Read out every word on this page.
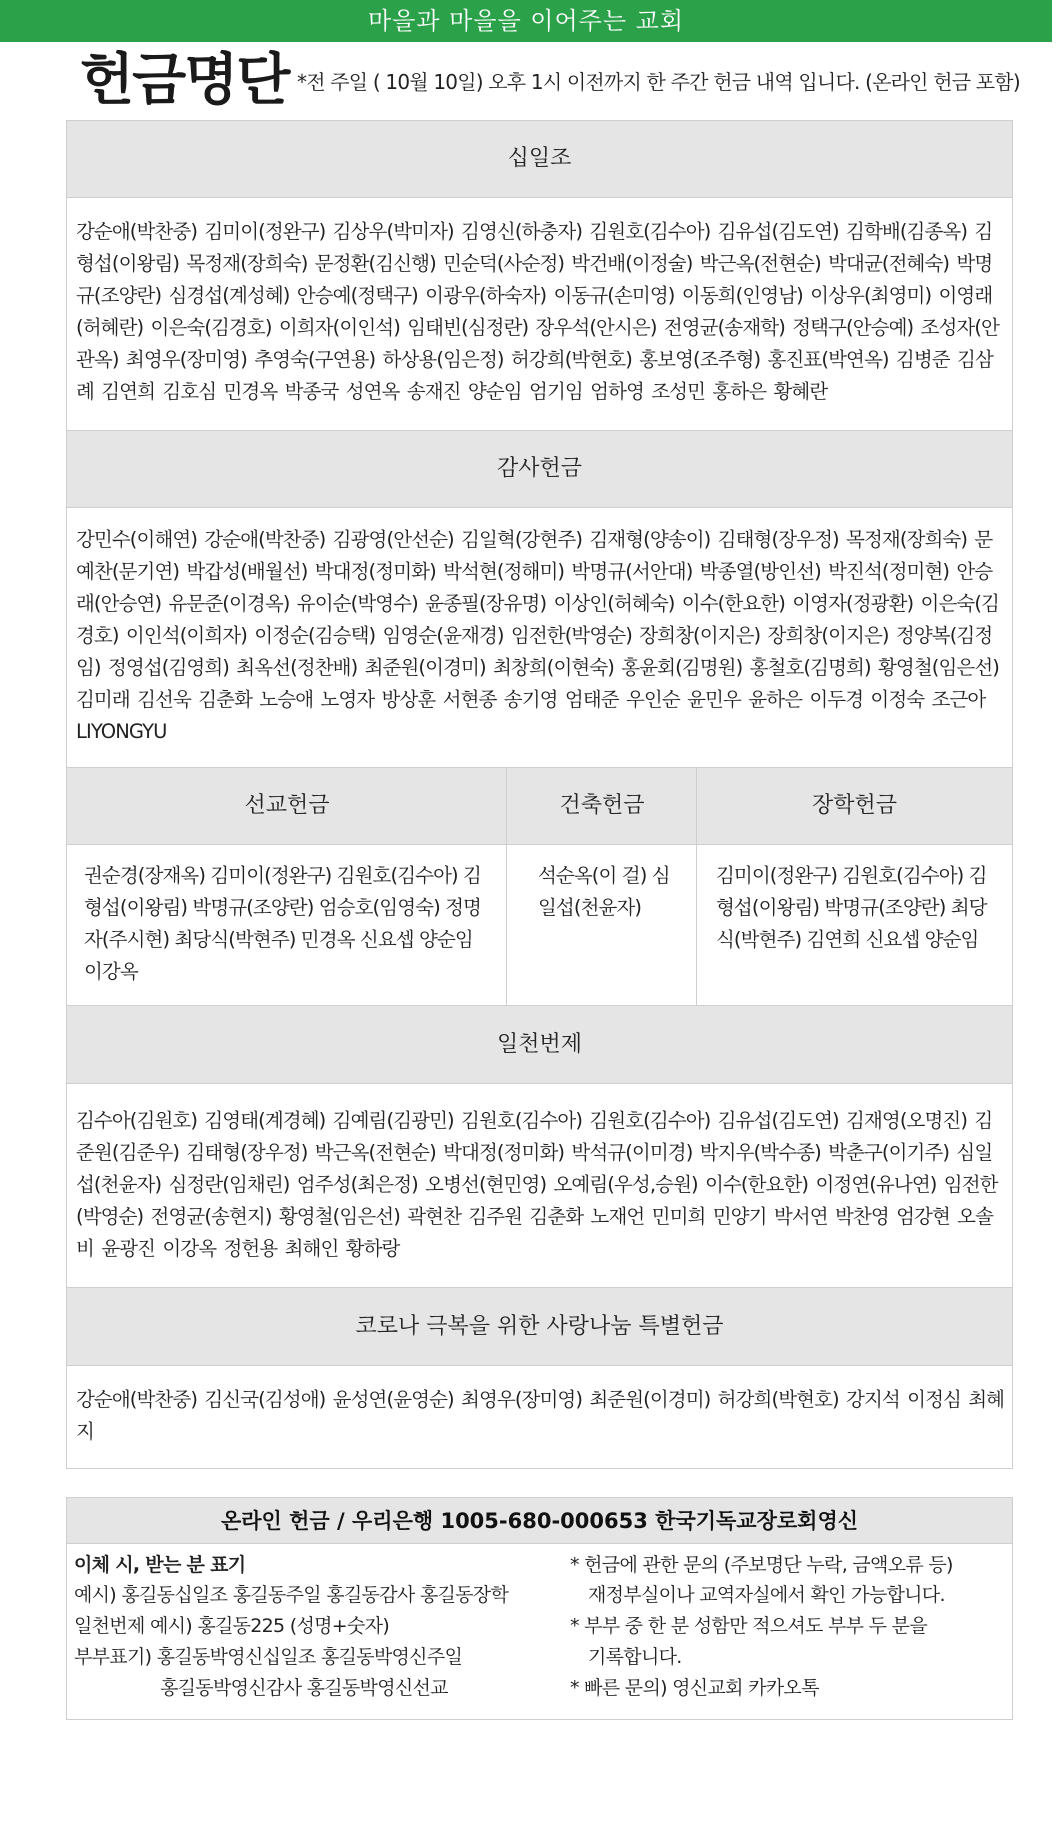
마을과 마을을 이어주는 교회
헌금명단 *전 주일 ( 10월 10일) 오후 1시 이전까지 한 주간 헌금 내역 입니다. (온라인 헌금 포함)
십일조
강순애(박찬중) 김미이(정완구) 김상우(박미자) 김영신(하충자) 김원호(김수아) 김유섭(김도연) 김학배(김종옥) 김형섭(이왕림) 목정재(장희숙) 문정환(김신행) 민순덕(사순정) 박건배(이정술) 박근옥(전현순) 박대균(전혜숙) 박명규(조양란) 심경섭(계성혜) 안승예(정택구) 이광우(하숙자) 이동규(손미영) 이동희(인영남) 이상우(최영미) 이영래(허혜란) 이은숙(김경호) 이희자(이인석) 임태빈(심정란) 장우석(안시은) 전영균(송재학) 정택구(안승예) 조성자(안관옥) 최영우(장미영) 추영숙(구연용) 하상용(임은정) 허강희(박현호) 홍보영(조주형) 홍진표(박연옥) 김병준 김삼례 김연희 김호심 민경옥 박종국 성연옥 송재진 양순임 엄기임 엄하영 조성민 홍하은 황혜란
감사헌금
강민수(이해연) 강순애(박찬중) 김광영(안선순) 김일혁(강현주) 김재형(양송이) 김태형(장우정) 목정재(장희숙) 문예찬(문기연) 박갑성(배월선) 박대정(정미화) 박석현(정해미) 박명규(서안대) 박종열(방인선) 박진석(정미현) 안승래(안승연) 유문준(이경옥) 유이순(박영수) 윤종필(장유명) 이상인(허혜숙) 이수(한요한) 이영자(정광환) 이은숙(김경호) 이인석(이희자) 이정순(김승택) 임영순(윤재경) 임전한(박영순) 장희창(이지은) 장희창(이지은) 정양복(김정임) 정영섭(김영희) 최옥선(정찬배) 최준원(이경미) 최창희(이현숙) 홍윤회(김명원) 홍철호(김명희) 황영철(임은선) 김미래 김선욱 김춘화 노승애 노영자 방상훈 서현종 송기영 엄태준 우인순 윤민우 윤하은 이두경 이정숙 조근아 LIYONGYU
선교헌금	건축헌금	장학헌금
권순경(장재옥) 김미이(정완구) 김원호(김수아) 김형섭(이왕림) 박명규(조양란) 엄승호(임영숙) 정명자(주시현) 최당식(박현주) 민경옥 신요셉 양순임 이강옥
석순옥(이 걸) 심일섭(천윤자)
김미이(정완구) 김원호(김수아) 김형섭(이왕림) 박명규(조양란) 최당식(박현주) 김연희 신요셉 양순임
일천번제
김수아(김원호) 김영태(계경혜) 김예림(김광민) 김원호(김수아) 김원호(김수아) 김유섭(김도연) 김재영(오명진) 김준원(김준우) 김태형(장우정) 박근옥(전현순) 박대정(정미화) 박석규(이미경) 박지우(박수종) 박춘구(이기주) 심일섭(천윤자) 심정란(임채린) 엄주성(최은정) 오병선(현민영) 오예림(우성,승원) 이수(한요한) 이정연(유나연) 임전한(박영순) 전영균(송현지) 황영철(임은선) 곽현찬 김주원 김춘화 노재언 민미희 민양기 박서연 박찬영 엄강현 오솔비 윤광진 이강옥 정헌용 최해인 황하랑
코로나 극복을 위한 사랑나눔 특별헌금
강순애(박찬중) 김신국(김성애) 윤성연(윤영순) 최영우(장미영) 최준원(이경미) 허강희(박현호) 강지석 이정심 최혜지
온라인 헌금 / 우리은행 1005-680-000653 한국기독교장로회영신
이체 시, 받는 분 표기
예시) 홍길동십일조 홍길동주일 홍길동감사 홍길동장학
일천번제 예시) 홍길동225 (성명+숫자)
부부표기) 홍길동박영신십일조 홍길동박영신주일
홍길동박영신감사 홍길동박영신선교
* 헌금에 관한 문의 (주보명단 누락, 금액오류 등)
재정부실이나 교역자실에서 확인 가능합니다.
* 부부 중 한 분 성함만 적으셔도 부부 두 분을
기록합니다.
* 빠른 문의) 영신교회 카카오톡
